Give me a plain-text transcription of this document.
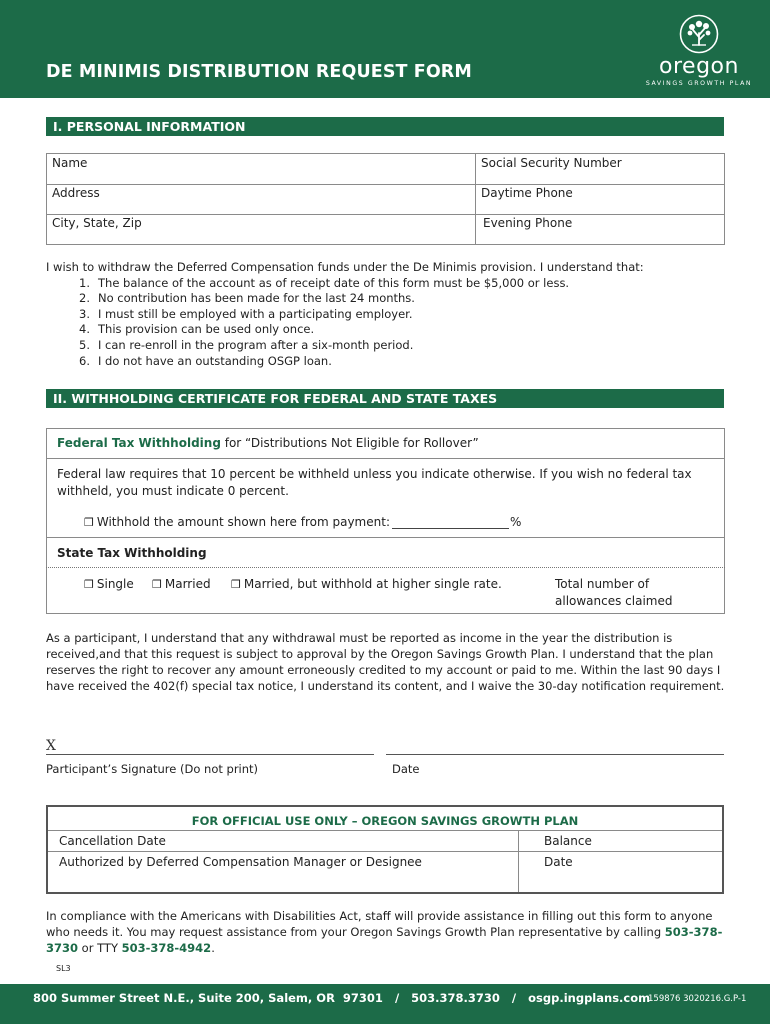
DE MINIMIS DISTRIBUTION REQUEST FORM	oregon
SAVINGS GROWTH PLAN
I. PERSONAL INFORMATION
Name	Social Security Number
Address	Daytime Phone
City, State, Zip	Evening Phone
I wish to withdraw the Deferred Compensation funds under the De Minimis provision. I understand that:
1. The balance of the account as of receipt date of this form must be $5,000 or less.
2. No contribution has been made for the last 24 months.
3. I must still be employed with a participating employer.
4. This provision can be used only once.
5. I can re-enroll in the program after a six-month period.
6. I do not have an outstanding OSGP loan.
II. WITHHOLDING CERTIFICATE FOR FEDERAL AND STATE TAXES
Federal Tax Withholding for “Distributions Not Eligible for Rollover”
Federal law requires that 10 percent be withheld unless you indicate otherwise. If you wish no federal tax withheld, you must indicate 0 percent.
❒ Withhold the amount shown here from payment:	%
State Tax Withholding
❒ Single ❒ Married ❒ Married, but withhold at higher single rate.	Total number of allowances claimed
As a participant, I understand that any withdrawal must be reported as income in the year the distribution is received,and that this request is subject to approval by the Oregon Savings Growth Plan. I understand that the plan reserves the right to recover any amount erroneously credited to my account or paid to me. Within the last 90 days I have received the 402(f) special tax notice, I understand its content, and I waive the 30-day notification requirement.
X
Participant’s Signature (Do not print)	Date
FOR OFFICIAL USE ONLY – OREGON SAVINGS GROWTH PLAN
Cancellation Date	Balance
Authorized by Deferred Compensation Manager or Designee	Date
In compliance with the Americans with Disabilities Act, staff will provide assistance in filling out this form to anyone who needs it. You may request assistance from your Oregon Savings Growth Plan representative by calling 503-378-3730 or TTY 503-378-4942.
SL3
800 Summer Street N.E., Suite 200, Salem, OR  97301   /   503.378.3730   /   osgp.ingplans.com
159876 3020216.G.P-1
